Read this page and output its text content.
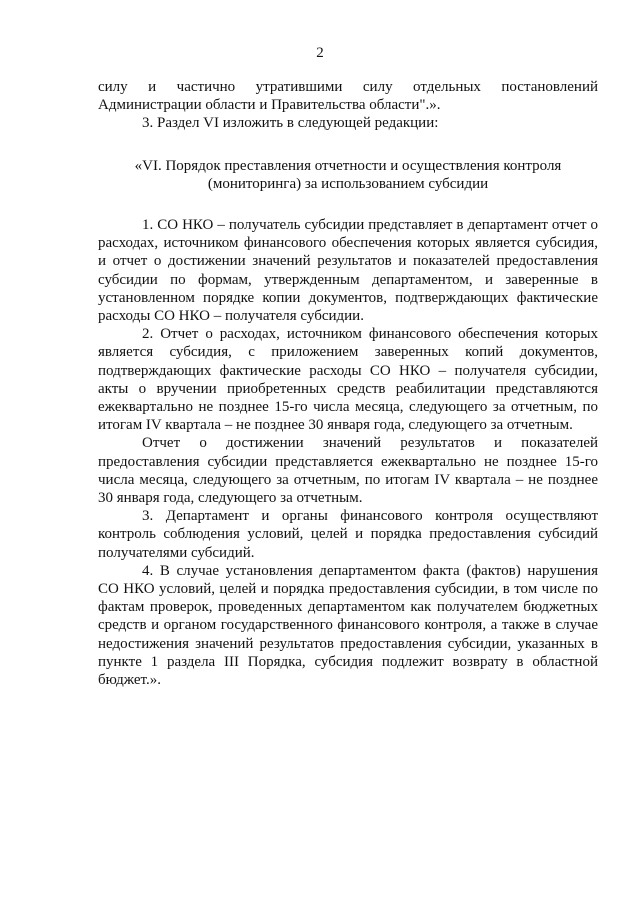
2

силу и частично утратившими силу отдельных постановлений Администрации области и Правительства области".».

3. Раздел VI изложить в следующей редакции:

«VI. Порядок преставления отчетности и осуществления контроля (мониторинга) за использованием субсидии

1. СО НКО – получатель субсидии представляет в департамент отчет о расходах, источником финансового обеспечения которых является субсидия, и отчет о достижении значений результатов и показателей предоставления субсидии по формам, утвержденным департаментом, и заверенные в установленном порядке копии документов, подтверждающих фактические расходы СО НКО – получателя субсидии.

2. Отчет о расходах, источником финансового обеспечения которых является субсидия, с приложением заверенных копий документов, подтверждающих фактические расходы СО НКО – получателя субсидии, акты о вручении приобретенных средств реабилитации представляются ежеквартально не позднее 15-го числа месяца, следующего за отчетным, по итогам IV квартала – не позднее 30 января года, следующего за отчетным.

Отчет о достижении значений результатов и показателей предоставления субсидии представляется ежеквартально не позднее 15-го числа месяца, следующего за отчетным, по итогам IV квартала – не позднее 30 января года, следующего за отчетным.

3. Департамент и органы финансового контроля осуществляют контроль соблюдения условий, целей и порядка предоставления субсидий получателями субсидий.

4. В случае установления департаментом факта (фактов) нарушения СО НКО условий, целей и порядка предоставления субсидии, в том числе по фактам проверок, проведенных департаментом как получателем бюджетных средств и органом государственного финансового контроля, а также в случае недостижения значений результатов предоставления субсидии, указанных в пункте 1 раздела III Порядка, субсидия подлежит возврату в областной бюджет.».
